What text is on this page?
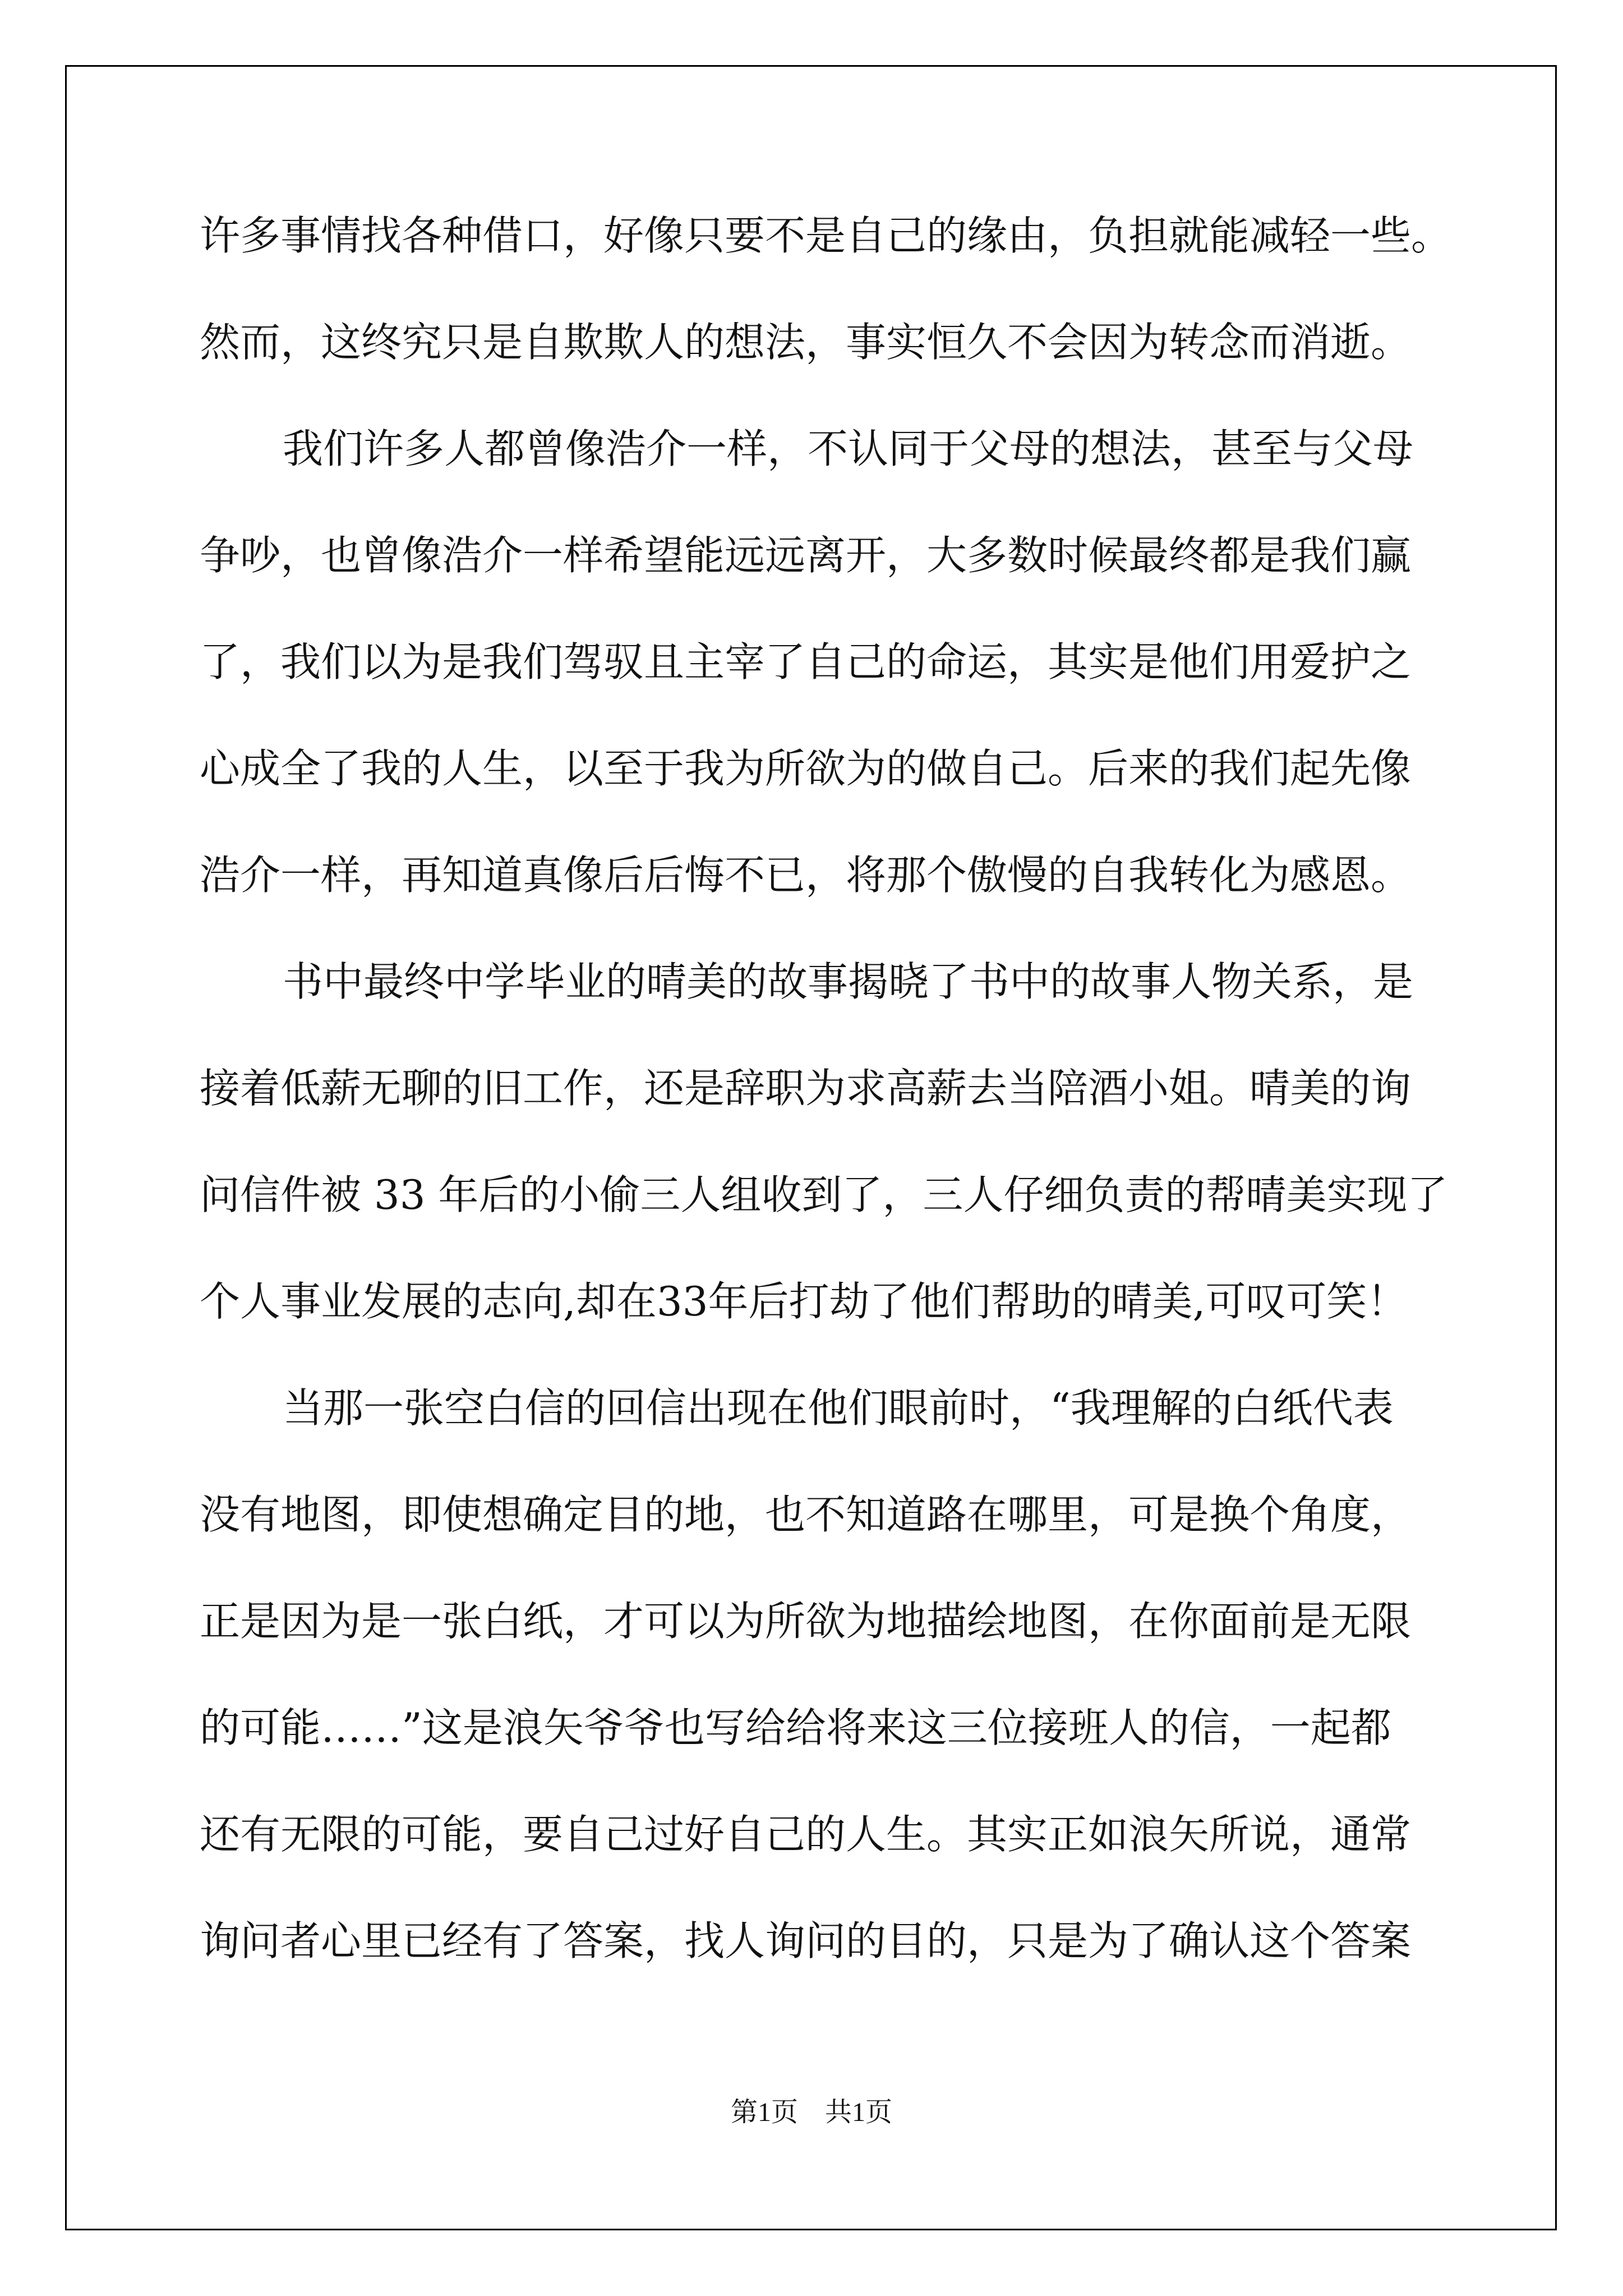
许多事情找各种借口，好像只要不是自己的缘由，负担就能减轻一些。
然而，这终究只是自欺欺人的想法，事实恒久不会因为转念而消逝。
我们许多人都曾像浩介一样，不认同于父母的想法，甚至与父母
争吵，也曾像浩介一样希望能远远离开，大多数时候最终都是我们赢
了，我们以为是我们驾驭且主宰了自己的命运，其实是他们用爱护之
心成全了我的人生，以至于我为所欲为的做自己。后来的我们起先像
浩介一样，再知道真像后后悔不已，将那个傲慢的自我转化为感恩。
书中最终中学毕业的晴美的故事揭晓了书中的故事人物关系，是
接着低薪无聊的旧工作，还是辞职为求高薪去当陪酒小姐。晴美的询
问信件被 33 年后的小偷三人组收到了，三人仔细负责的帮晴美实现了
个人事业发展的志向,却在33年后打劫了他们帮助的晴美,可叹可笑！
当那一张空白信的回信出现在他们眼前时，“我理解的白纸代表
没有地图，即使想确定目的地，也不知道路在哪里，可是换个角度，
正是因为是一张白纸，才可以为所欲为地描绘地图，在你面前是无限
的可能……”这是浪矢爷爷也写给给将来这三位接班人的信，一起都
还有无限的可能，要自己过好自己的人生。其实正如浪矢所说，通常
询问者心里已经有了答案，找人询问的目的，只是为了确认这个答案
第1页 共1页
